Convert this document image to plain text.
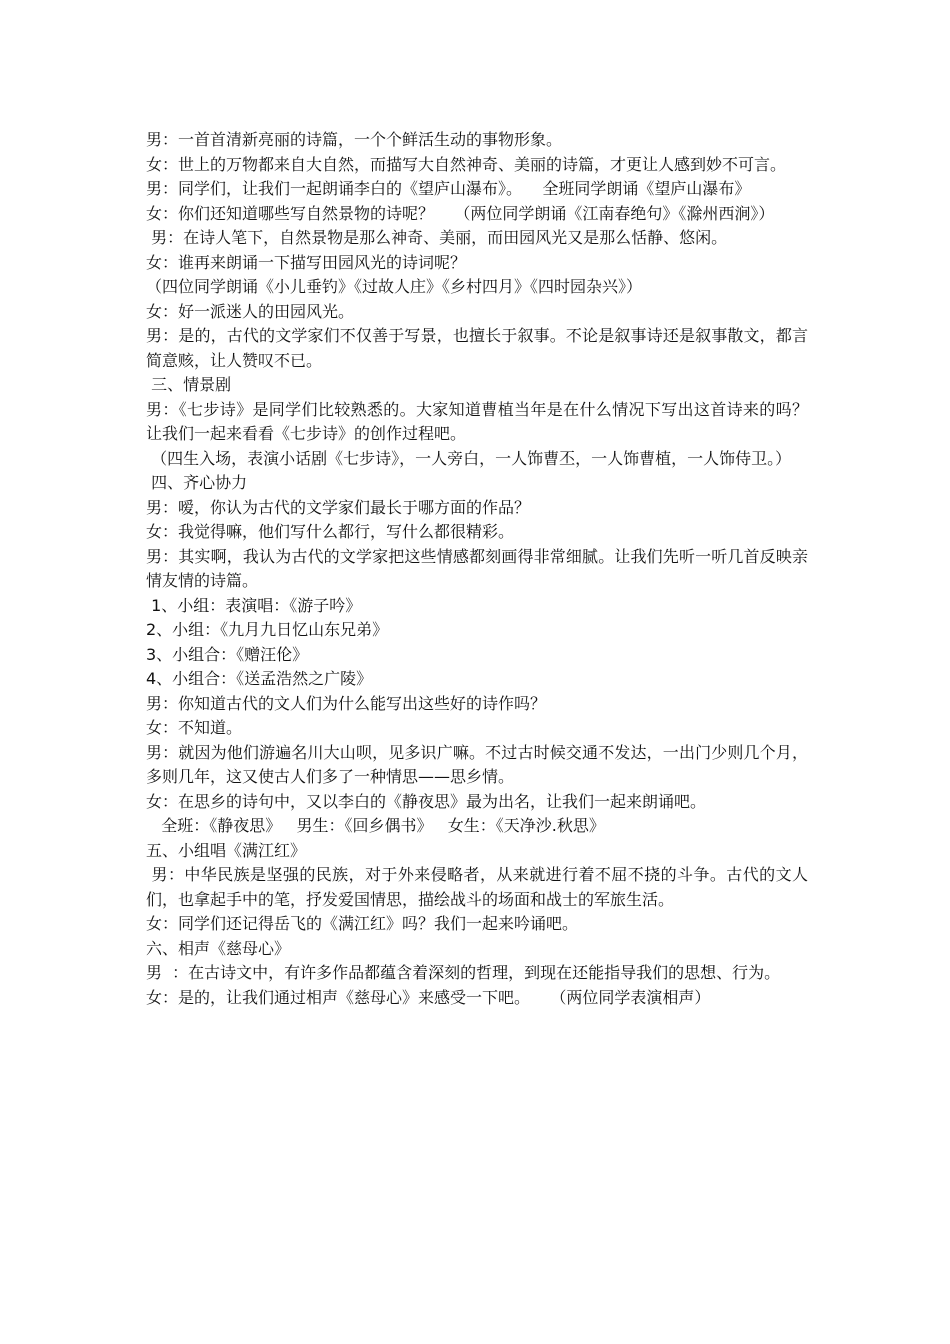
男：一首首清新亮丽的诗篇，一个个鲜活生动的事物形象。

女：世上的万物都来自大自然，而描写大自然神奇、美丽的诗篇，才更让人感到妙不可言。

男：同学们，让我们一起朗诵李白的《望庐山瀑布》。    全班同学朗诵《望庐山瀑布》

女：你们还知道哪些写自然景物的诗呢？    （两位同学朗诵《江南春绝句》《滁州西涧》）

男：在诗人笔下，自然景物是那么神奇、美丽，而田园风光又是那么恬静、悠闲。

女：谁再来朗诵一下描写田园风光的诗词呢？

（四位同学朗诵《小儿垂钓》《过故人庄》《乡村四月》《四时园杂兴》）

女：好一派迷人的田园风光。

男：是的，古代的文学家们不仅善于写景，也擅长于叙事。不论是叙事诗还是叙事散文，都言简意赅，让人赞叹不已。

三、情景剧

男：《七步诗》是同学们比较熟悉的。大家知道曹植当年是在什么情况下写出这首诗来的吗？让我们一起来看看《七步诗》的创作过程吧。

（四生入场，表演小话剧《七步诗》，一人旁白，一人饰曹丕，一人饰曹植，一人饰侍卫。）

四、齐心协力

男：嗳，你认为古代的文学家们最长于哪方面的作品？

女：我觉得嘛，他们写什么都行，写什么都很精彩。

男：其实啊，我认为古代的文学家把这些情感都刻画得非常细腻。让我们先听一听几首反映亲情友情的诗篇。

1、小组：表演唱：《游子吟》

2、小组：《九月九日忆山东兄弟》

3、小组合：《赠汪伦》

4、小组合：《送孟浩然之广陵》

男：你知道古代的文人们为什么能写出这些好的诗作吗？

女：不知道。

男：就因为他们游遍名川大山呗，见多识广嘛。不过古时候交通不发达，一出门少则几个月，多则几年，这又使古人们多了一种情思——思乡情。

女：在思乡的诗句中，又以李白的《静夜思》最为出名，让我们一起来朗诵吧。

全班：《静夜思》   男生：《回乡偶书》   女生：《天净沙.秋思》

五、小组唱《满江红》

男：中华民族是坚强的民族，对于外来侵略者，从来就进行着不屈不挠的斗争。古代的文人们，也拿起手中的笔，抒发爱国情思，描绘战斗的场面和战士的军旅生活。

女：同学们还记得岳飞的《满江红》吗？我们一起来吟诵吧。

六、相声《慈母心》

男  ：在古诗文中，有许多作品都蕴含着深刻的哲理，到现在还能指导我们的思想、行为。

女：是的，让我们通过相声《慈母心》来感受一下吧。    （两位同学表演相声）
